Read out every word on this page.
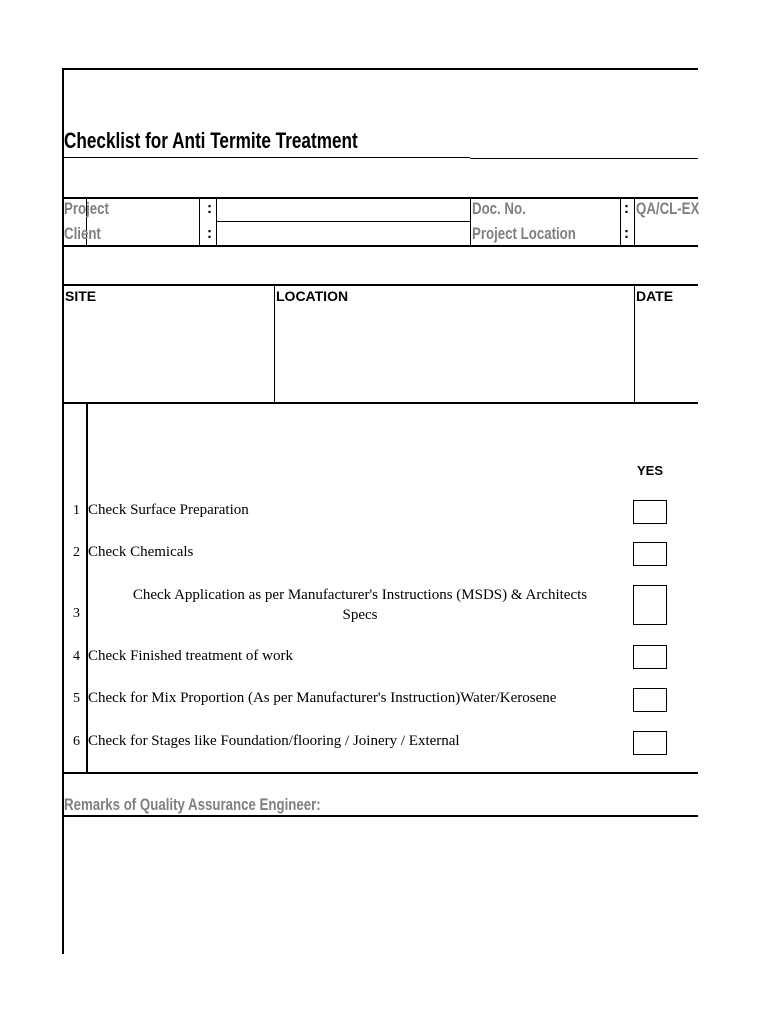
Checklist for Anti Termite Treatment
Project
Client
:
:
Doc. No.
Project Location
:
:
QA/CL-EX
SITE	LOCATION	DATE
YES
1 Check Surface Preparation
2 Check Chemicals
3
Check Application as per Manufacturer's Instructions (MSDS) & Architects
Specs
4 Check Finished treatment of work
5 Check for Mix Proportion (As per Manufacturer's Instruction)Water/Kerosene
6 Check for Stages like Foundation/flooring / Joinery / External
Remarks of Quality Assurance Engineer:
